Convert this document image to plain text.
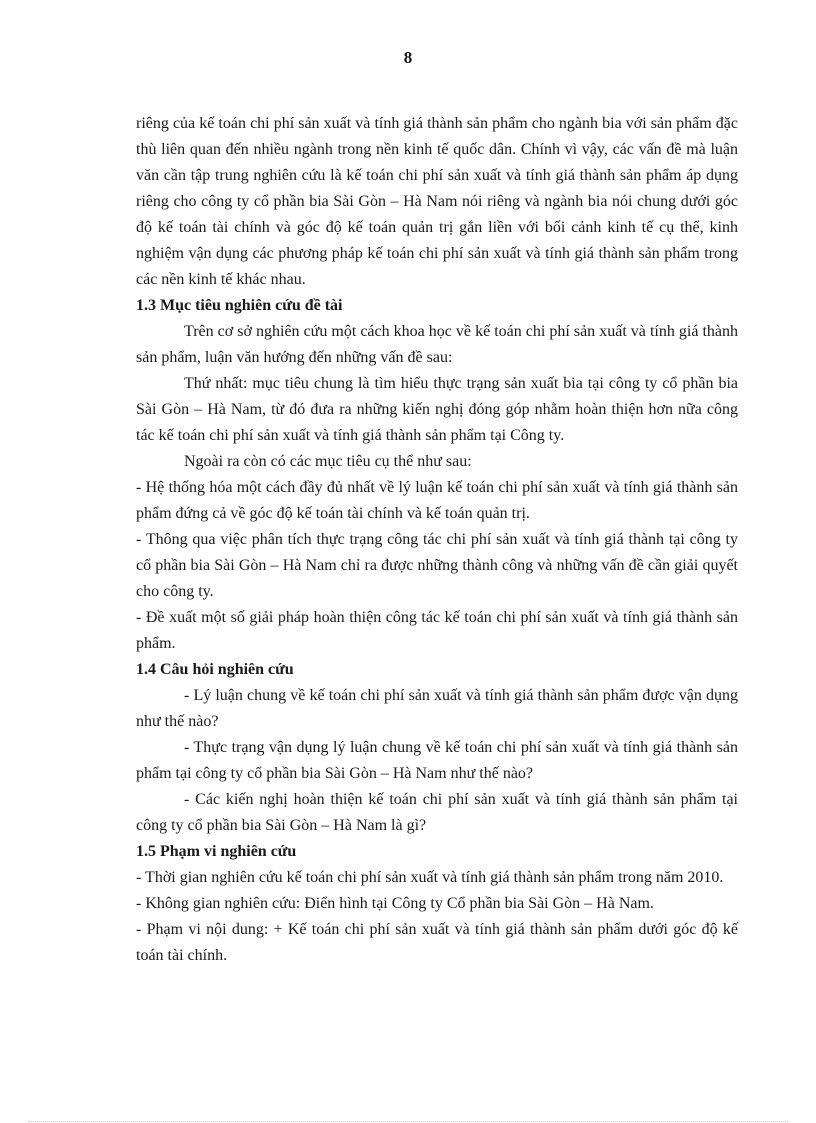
8

riêng của kế toán chi phí sản xuất và tính giá thành sản phẩm cho ngành bia với sản phẩm đặc thù liên quan đến nhiều ngành trong nền kinh tế quốc dân. Chính vì vậy, các vấn đề mà luận văn cần tập trung nghiên cứu là kế toán chi phí sản xuất và tính giá thành sản phẩm áp dụng riêng cho công ty cổ phần bia Sài Gòn – Hà Nam nói riêng và ngành bia nói chung dưới góc độ kế toán tài chính và góc độ kế toán quản trị gắn liền với bối cảnh kinh tế cụ thể, kinh nghiệm vận dụng các phương pháp kế toán chi phí sản xuất và tính giá thành sản phẩm trong các nền kinh tế khác nhau.

1.3 Mục tiêu nghiên cứu đề tài

Trên cơ sở nghiên cứu một cách khoa học về kế toán chi phí sản xuất và tính giá thành sản phẩm, luận văn hướng đến những vấn đề sau:

Thứ nhất: mục tiêu chung là tìm hiểu thực trạng sản xuất bia tại công ty cổ phần bia Sài Gòn – Hà Nam, từ đó đưa ra những kiến nghị đóng góp nhằm hoàn thiện hơn nữa công tác kế toán chi phí sản xuất và tính giá thành sản phẩm tại Công ty.

Ngoài ra còn có các mục tiêu cụ thể như sau:

- Hệ thống hóa một cách đầy đủ nhất về lý luận kế toán chi phí sản xuất và tính giá thành sản phẩm đứng cả về góc độ kế toán tài chính và kế toán quản trị.

- Thông qua việc phân tích thực trạng công tác chi phí sản xuất và tính giá thành tại công ty cổ phần bia Sài Gòn – Hà Nam chỉ ra được những thành công và những vấn đề cần giải quyết cho công ty.

- Đề xuất một số giải pháp hoàn thiện công tác kế toán chi phí sản xuất và tính giá thành sản phẩm.

1.4 Câu hỏi nghiên cứu

- Lý luận chung về kế toán chi phí sản xuất và tính giá thành sản phẩm được vận dụng như thế nào?

- Thực trạng vận dụng lý luận chung về kế toán chi phí sản xuất và tính giá thành sản phẩm tại công ty cổ phần bia Sài Gòn – Hà Nam như thế nào?

- Các kiến nghị hoàn thiện kế toán chi phí sản xuất và tính giá thành sản phẩm tại công ty cổ phần bia Sài Gòn – Hà Nam là gì?

1.5 Phạm vi nghiên cứu

- Thời gian nghiên cứu kế toán chi phí sản xuất và tính giá thành sản phẩm trong năm 2010.

- Không gian nghiên cứu: Điển hình tại Công ty Cổ phần bia Sài Gòn – Hà Nam.

- Phạm vi nội dung: + Kế toán chi phí sản xuất và tính giá thành sản phẩm dưới góc độ kế toán tài chính.
